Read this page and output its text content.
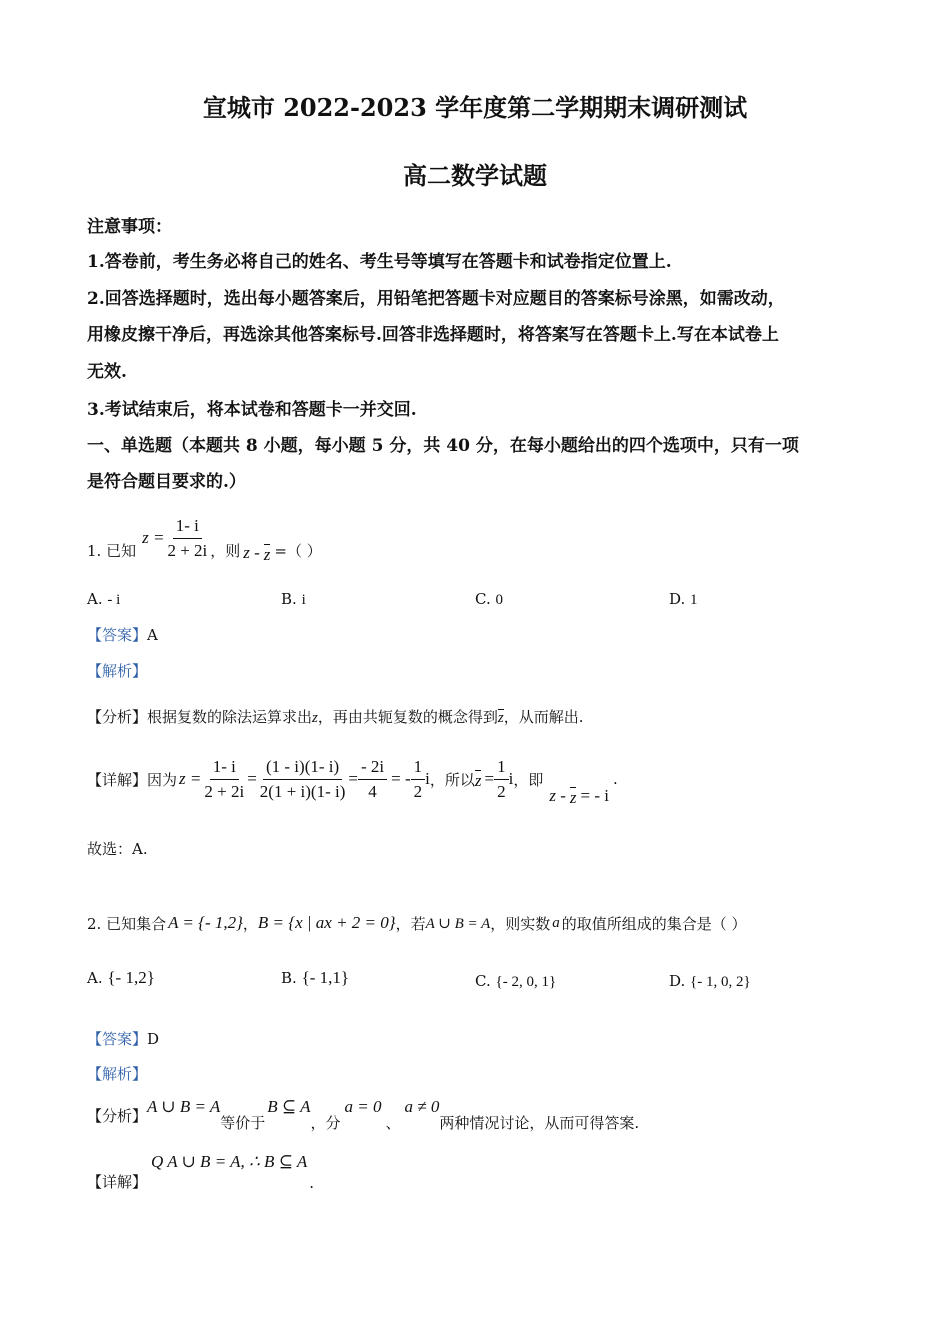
宣城市 2022-2023 学年度第二学期期末调研测试
高二数学试题
注意事项：
1.答卷前，考生务必将自己的姓名、考生号等填写在答题卡和试卷指定位置上.
2.回答选择题时，选出每小题答案后，用铅笔把答题卡对应题目的答案标号涂黑，如需改动，
用橡皮擦干净后，再选涂其他答案标号.回答非选择题时，将答案写在答题卡上.写在本试卷上
无效.
3.考试结束后，将本试卷和答题卡一并交回.
一、单选题（本题共 8 小题，每小题 5 分，共 40 分，在每小题给出的四个选项中，只有一项
是符合题目要求的.）
1. 已知
$z = \frac{1- i}{2 + 2i}$ ，则 z - z =（ ）
A. - i	B. i	C. 0	D. 1
【答案】A
【解析】
【分析】根据复数的除法运算求出z，再由共轭复数的概念得到z，从而解出.
【详解】 因为 $z = \frac{1- i}{2 + 2i} = \frac{(1 - i)(1- i)}{2(1 + i)(1- i)} = \frac{- 2i}{4}$ = - $\frac{1}{2}$ i ，所以 $z = \frac{1}{2}$ i ，即
z - z = - i
.
故选：A.
2. 已知集合 A = {- 1,2} ， B = {x | ax + 2 = 0} ，若 A ∪ B = A ，则实数 a 的取值所组成的集合是（ ）
A. {- 1,2}	B. {- 1,1}	C. {- 2, 0, 1}	D. {- 1, 0, 2}
【答案】D
【解析】
【分析】 A ∪ B = A
等价于
B ⊆ A
，分
a = 0
、
a ≠ 0
两种情况讨论，从而可得答案.
【详解】
Q A ∪ B = A, ∴ B ⊆ A
.
